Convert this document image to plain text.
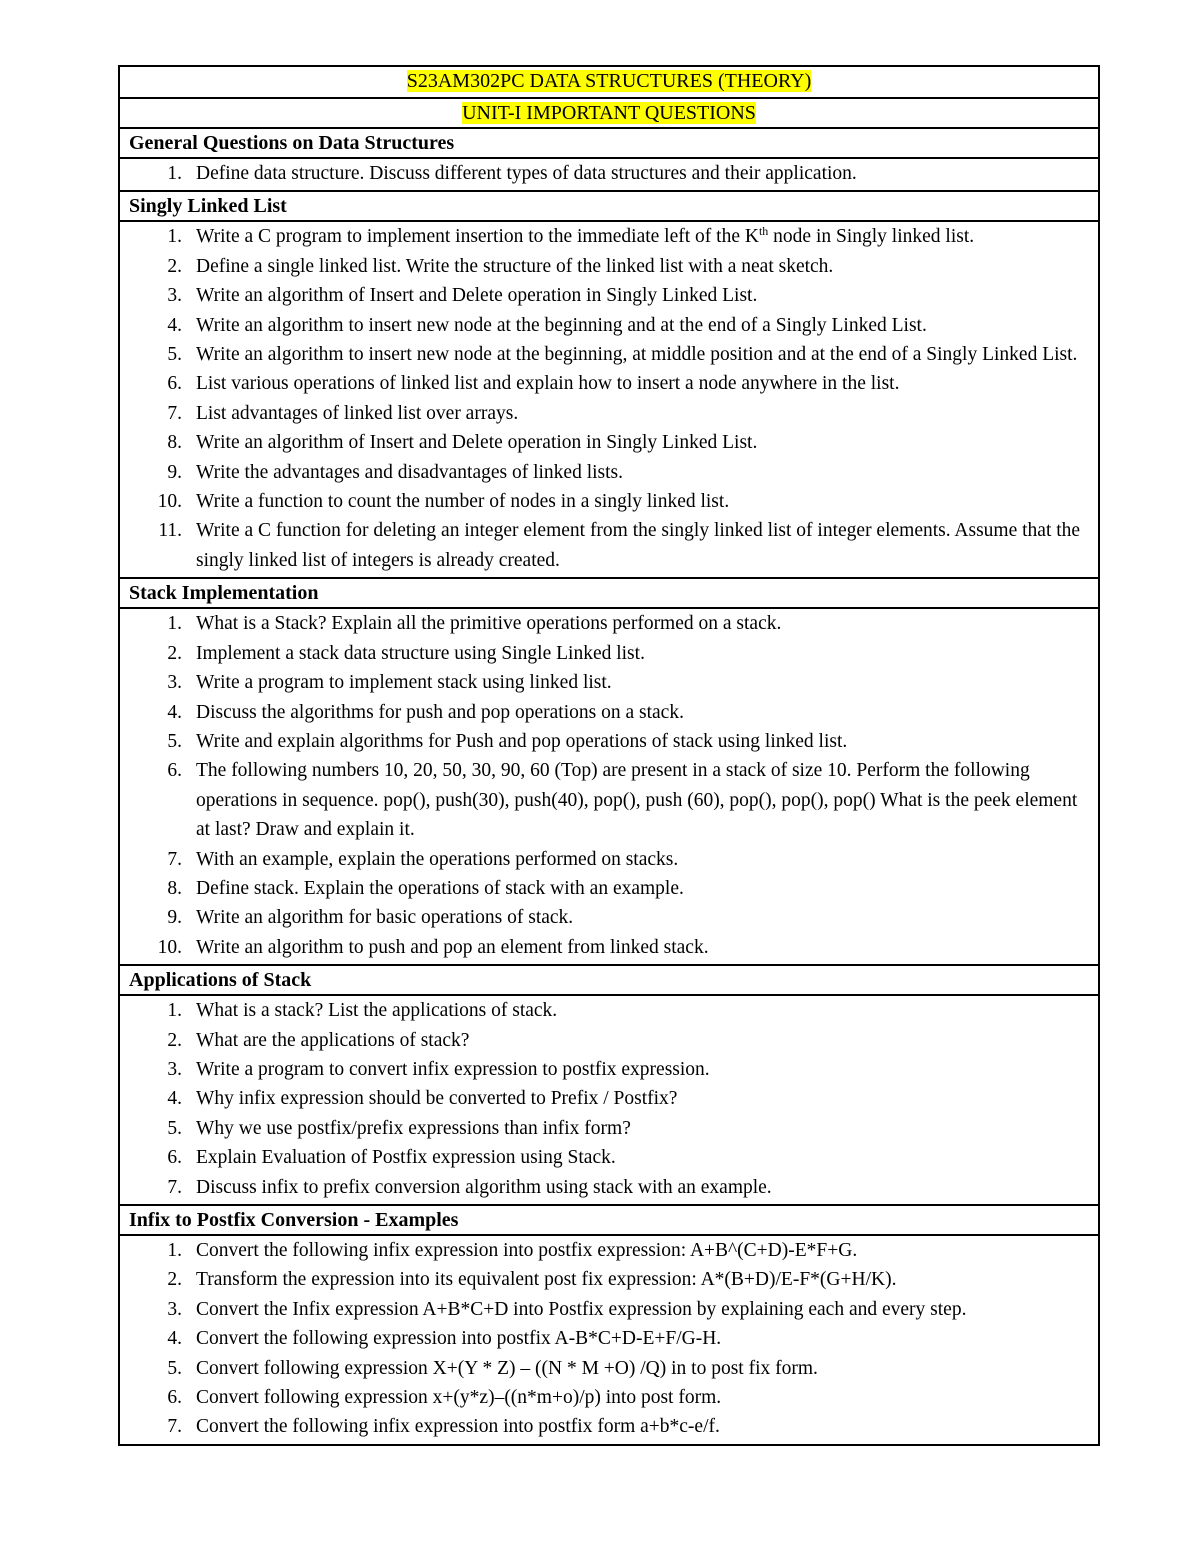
S23AM302PC DATA STRUCTURES (THEORY)
UNIT-I IMPORTANT QUESTIONS
General Questions on Data Structures
1. Define data structure. Discuss different types of data structures and their application.
Singly Linked List
1. Write a C program to implement insertion to the immediate left of the $K^{th}$ node in Singly linked list.
2. Define a single linked list. Write the structure of the linked list with a neat sketch.
3. Write an algorithm of Insert and Delete operation in Singly Linked List.
4. Write an algorithm to insert new node at the beginning and at the end of a Singly Linked List.
5. Write an algorithm to insert new node at the beginning, at middle position and at the end of a Singly Linked List.
6. List various operations of linked list and explain how to insert a node anywhere in the list.
7. List advantages of linked list over arrays.
8. Write an algorithm of Insert and Delete operation in Singly Linked List.
9. Write the advantages and disadvantages of linked lists.
10. Write a function to count the number of nodes in a singly linked list.
11. Write a C function for deleting an integer element from the singly linked list of integer elements. Assume that the singly linked list of integers is already created.
Stack Implementation
1. What is a Stack? Explain all the primitive operations performed on a stack.
2. Implement a stack data structure using Single Linked list.
3. Write a program to implement stack using linked list.
4. Discuss the algorithms for push and pop operations on a stack.
5. Write and explain algorithms for Push and pop operations of stack using linked list.
6. The following numbers 10, 20, 50, 30, 90, 60 (Top) are present in a stack of size 10. Perform the following operations in sequence. pop(), push(30), push(40), pop(), push (60), pop(), pop(), pop() What is the peek element at last? Draw and explain it.
7. With an example, explain the operations performed on stacks.
8. Define stack. Explain the operations of stack with an example.
9. Write an algorithm for basic operations of stack.
10. Write an algorithm to push and pop an element from linked stack.
Applications of Stack
1. What is a stack? List the applications of stack.
2. What are the applications of stack?
3. Write a program to convert infix expression to postfix expression.
4. Why infix expression should be converted to Prefix / Postfix?
5. Why we use postfix/prefix expressions than infix form?
6. Explain Evaluation of Postfix expression using Stack.
7. Discuss infix to prefix conversion algorithm using stack with an example.
Infix to Postfix Conversion - Examples
1. Convert the following infix expression into postfix expression: A+B^(C+D)-E*F+G.
2. Transform the expression into its equivalent post fix expression: A*(B+D)/E-F*(G+H/K).
3. Convert the Infix expression A+B*C+D into Postfix expression by explaining each and every step.
4. Convert the following expression into postfix A-B*C+D-E+F/G-H.
5. Convert following expression X+(Y * Z) – ((N * M +O) /Q) in to post fix form.
6. Convert following expression x+(y*z)–((n*m+o)/p) into post form.
7. Convert the following infix expression into postfix form a+b*c-e/f.
